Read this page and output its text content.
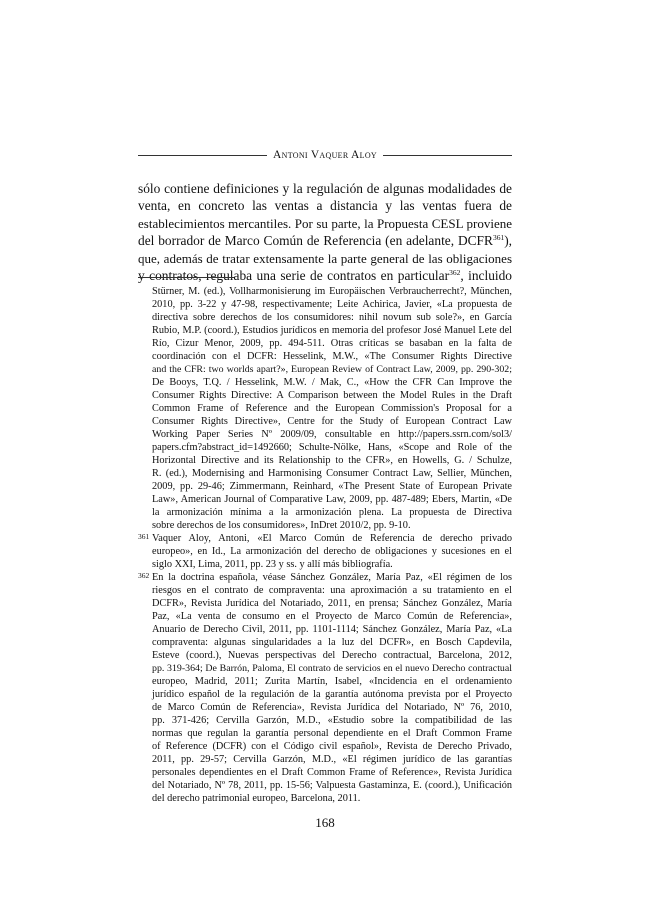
Antoni Vaquer Aloy

sólo contiene definiciones y la regulación de algunas modalidades de
venta, en concreto las ventas a distancia y las ventas fuera de
establecimientos mercantiles. Por su parte, la Propuesta CESL proviene
del borrador de Marco Común de Referencia (en adelante, DCFR$^{361}$),
que, además de tratar extensamente la parte general de las obligaciones
y contratos, regulaba una serie de contratos en particular$^{362}$, incluido

Stürner, M. (ed.), Vollharmonisierung im Europäischen Verbraucherrecht?, München,
2010, pp. 3-22 y 47-98, respectivamente; Leite Achirica, Javier, «La propuesta de
directiva sobre derechos de los consumidores: nihil novum sub sole?», en García
Rubio, M.P. (coord.), Estudios jurídicos en memoria del profesor José Manuel Lete del
Río, Cizur Menor, 2009, pp. 494-511. Otras críticas se basaban en la falta de
coordinación con el DCFR: Hesselink, M.W., «The Consumer Rights Directive
and the CFR: two worlds apart?», European Review of Contract Law, 2009, pp. 290-302;
De Booys, T.Q. / Hesselink, M.W. / Mak, C., «How the CFR Can Improve the
Consumer Rights Directive: A Comparison between the Model Rules in the Draft
Common Frame of Reference and the European Commission's Proposal for a
Consumer Rights Directive», Centre for the Study of European Contract Law
Working Paper Series Nº 2009/09, consultable en http://papers.ssrn.com/sol3/
papers.cfm?abstract_id=1492660; Schulte-Nölke, Hans, «Scope and Role of the
Horizontal Directive and its Relationship to the CFR», en Howells, G. / Schulze,
R. (ed.), Modernising and Harmonising Consumer Contract Law, Sellier, München,
2009, pp. 29-46; Zimmermann, Reinhard, «The Present State of European Private
Law», American Journal of Comparative Law, 2009, pp. 487-489; Ebers, Martin, «De
la armonización mínima a la armonización plena. La propuesta de Directiva
sobre derechos de los consumidores», InDret 2010/2, pp. 9-10.
361 Vaquer Aloy, Antoni, «El Marco Común de Referencia de derecho privado
europeo», en Id., La armonización del derecho de obligaciones y sucesiones en el
siglo XXI, Lima, 2011, pp. 23 y ss. y allí más bibliografía.
362 En la doctrina española, véase Sánchez González, María Paz, «El régimen de los
riesgos en el contrato de compraventa: una aproximación a su tratamiento en el
DCFR», Revista Jurídica del Notariado, 2011, en prensa; Sánchez González, María
Paz, «La venta de consumo en el Proyecto de Marco Común de Referencia»,
Anuario de Derecho Civil, 2011, pp. 1101-1114; Sánchez González, María Paz, «La
compraventa: algunas singularidades a la luz del DCFR», en Bosch Capdevila,
Esteve (coord.), Nuevas perspectivas del Derecho contractual, Barcelona, 2012,
pp. 319-364; De Barrón, Paloma, El contrato de servicios en el nuevo Derecho contractual
europeo, Madrid, 2011; Zurita Martín, Isabel, «Incidencia en el ordenamiento
jurídico español de la regulación de la garantía autónoma prevista por el Proyecto
de Marco Común de Referencia», Revista Jurídica del Notariado, Nº 76, 2010,
pp. 371-426; Cervilla Garzón, M.D., «Estudio sobre la compatibilidad de las
normas que regulan la garantía personal dependiente en el Draft Common Frame
of Reference (DCFR) con el Código civil español», Revista de Derecho Privado,
2011, pp. 29-57; Cervilla Garzón, M.D., «El régimen jurídico de las garantías
personales dependientes en el Draft Common Frame of Reference», Revista Jurídica
del Notariado, Nº 78, 2011, pp. 15-56; Valpuesta Gastaminza, E. (coord.), Unificación
del derecho patrimonial europeo, Barcelona, 2011.
168
